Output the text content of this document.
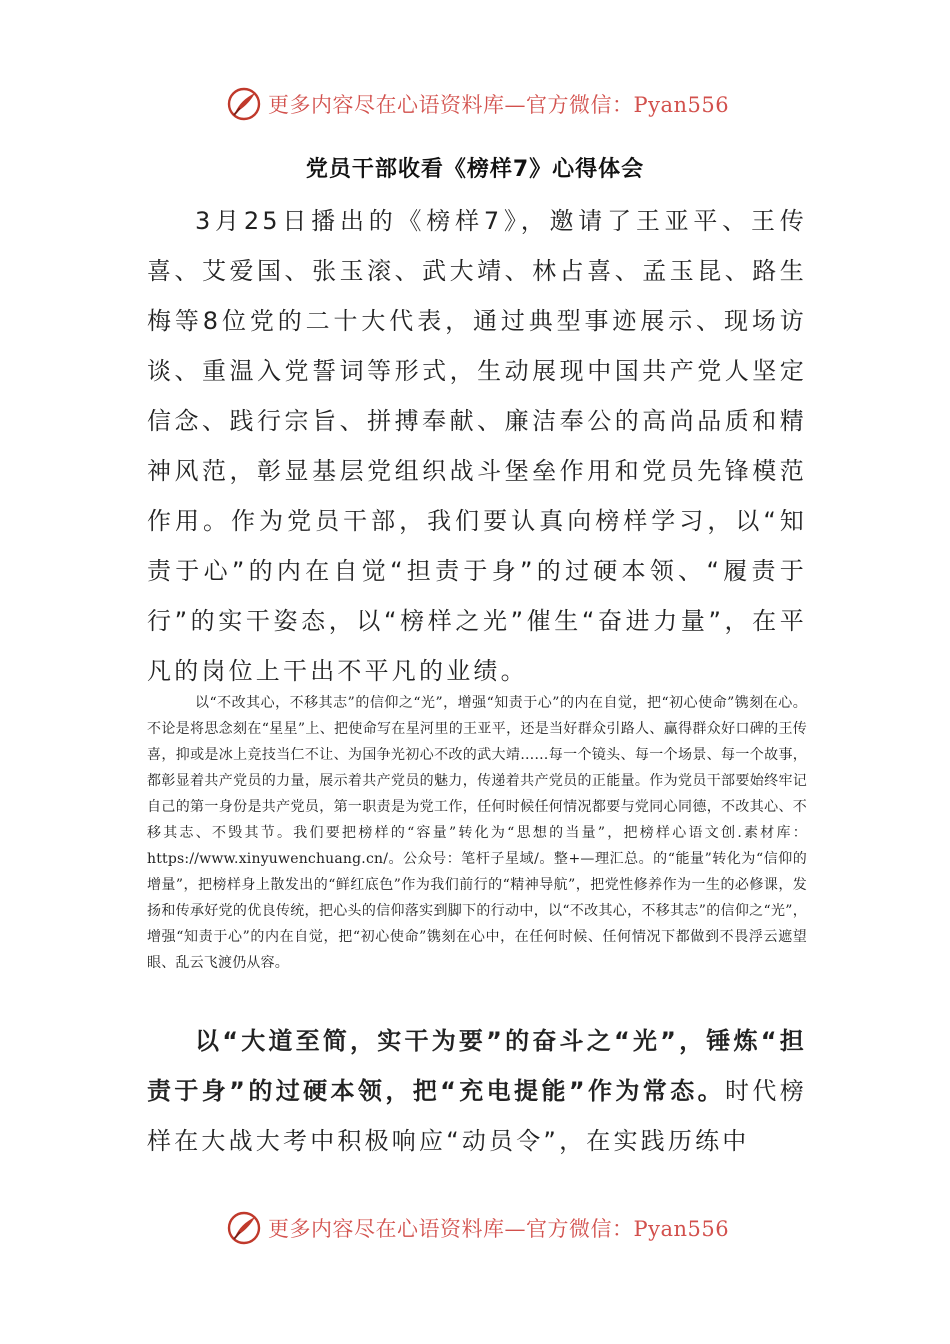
更多内容尽在心语资料库—官方微信：Pyan556
党员干部收看《榜样7》心得体会
3月25日播出的《榜样7》，邀请了王亚平、王传喜、艾爱国、张玉滚、武大靖、林占喜、孟玉昆、路生梅等8位党的二十大代表，通过典型事迹展示、现场访谈、重温入党誓词等形式，生动展现中国共产党人坚定信念、践行宗旨、拼搏奉献、廉洁奉公的高尚品质和精神风范，彰显基层党组织战斗堡垒作用和党员先锋模范作用。作为党员干部，我们要认真向榜样学习，以“知责于心”的内在自觉“担责于身”的过硬本领、“履责于行”的实干姿态，以“榜样之光”催生“奋进力量”，在平凡的岗位上干出不平凡的业绩。
以“不改其心，不移其志”的信仰之“光”，增强“知责于心”的内在自觉，把“初心使命”镌刻在心。不论是将思念刻在“星星”上、把使命写在星河里的王亚平，还是当好群众引路人、赢得群众好口碑的王传喜，抑或是冰上竞技当仁不让、为国争光初心不改的武大靖……每一个镜头、每一个场景、每一个故事，都彰显着共产党员的力量，展示着共产党员的魅力，传递着共产党员的正能量。作为党员干部要始终牢记自己的第一身份是共产党员，第一职责是为党工作，任何时候任何情况都要与党同心同德，不改其心、不移其志、不毁其节。我们要把榜样的“容量”转化为“思想的当量”，把榜样心语文创.素材库：https://www.xinyuwenchuang.cn/。公众号：笔杆子星域/。整+—理汇总。的“能量”转化为“信仰的增量”，把榜样身上散发出的“鲜红底色”作为我们前行的“精神导航”，把党性修养作为一生的必修课，发扬和传承好党的优良传统，把心头的信仰落实到脚下的行动中，以“不改其心，不移其志”的信仰之“光”，增强“知责于心”的内在自觉，把“初心使命”镌刻在心中，在任何时候、任何情况下都做到不畏浮云遮望眼、乱云飞渡仍从容。
以“大道至简，实干为要”的奋斗之“光”，锤炼“担责于身”的过硬本领，把“充电提能”作为常态。时代榜样在大战大考中积极响应“动员令”，在实践历练中
更多内容尽在心语资料库—官方微信：Pyan556
